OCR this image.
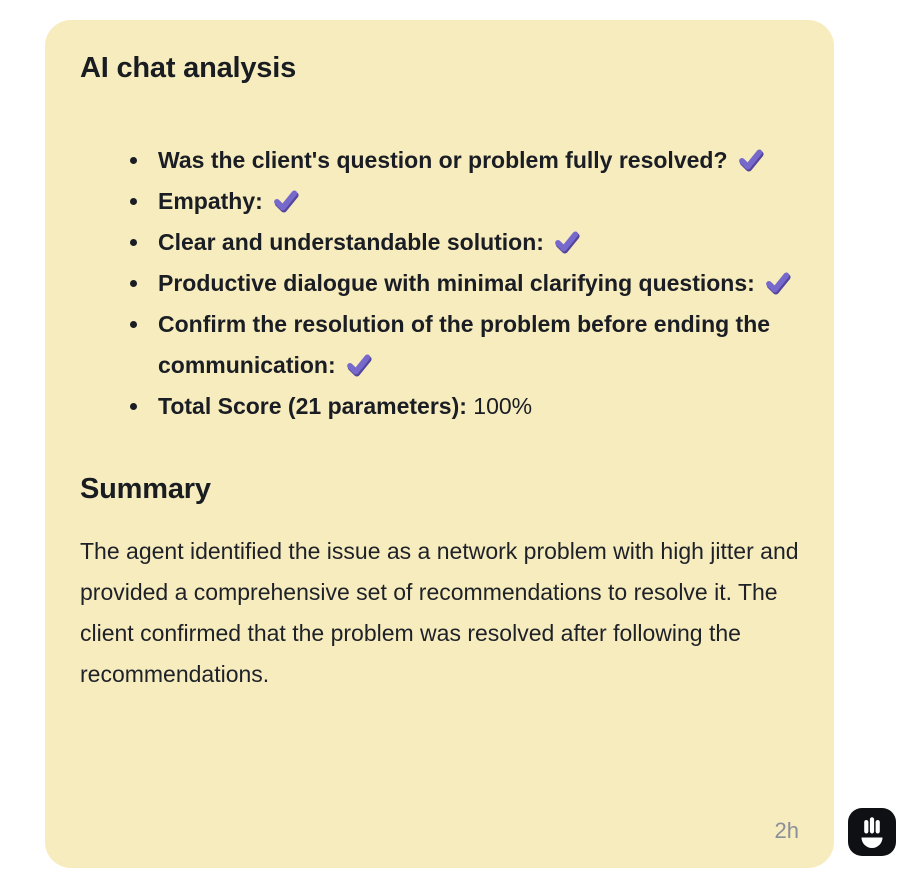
AI chat analysis
Was the client's question or problem fully resolved?
Empathy:
Clear and understandable solution:
Productive dialogue with minimal clarifying questions:
Confirm the resolution of the problem before ending the communication:
Total Score (21 parameters): 100%
Summary

The agent identified the issue as a network problem with high jitter and provided a comprehensive set of recommendations to resolve it. The client confirmed that the problem was resolved after following the recommendations.

2h
